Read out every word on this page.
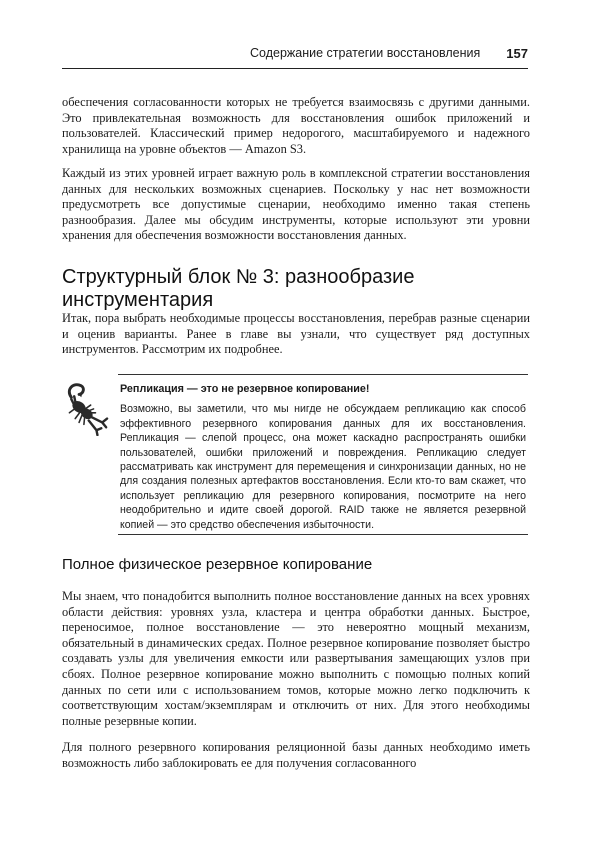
Содержание стратегии восстановления 157

обеспечения согласованности которых не требуется взаимосвязь с другими данными. Это привлекательная возможность для восстановления ошибок приложений и пользователей. Классический пример недорогого, масштабируемого и надежного хранилища на уровне объектов — Amazon S3.

Каждый из этих уровней играет важную роль в комплексной стратегии восстановления данных для нескольких возможных сценариев. Поскольку у нас нет возможности предусмотреть все допустимые сценарии, необходимо именно такая степень разнообразия. Далее мы обсудим инструменты, которые используют эти уровни хранения для обеспечения возможности восстановления данных.

Структурный блок № 3: разнообразие инструментария

Итак, пора выбрать необходимые процессы восстановления, перебрав разные сценарии и оценив варианты. Ранее в главе вы узнали, что существует ряд доступных инструментов. Рассмотрим их подробнее.

Репликация — это не резервное копирование!
Возможно, вы заметили, что мы нигде не обсуждаем репликацию как способ эффективного резервного копирования данных для их восстановления. Репликация — слепой процесс, она может каскадно распространять ошибки пользователей, ошибки приложений и повреждения. Репликацию следует рассматривать как инструмент для перемещения и синхронизации данных, но не для создания полезных артефактов восстановления. Если кто-то вам скажет, что использует репликацию для резервного копирования, посмотрите на него неодобрительно и идите своей дорогой. RAID также не является резервной копией — это средство обеспечения избыточности.
Полное физическое резервное копирование

Мы знаем, что понадобится выполнить полное восстановление данных на всех уровнях области действия: уровнях узла, кластера и центра обработки данных. Быстрое, переносимое, полное восстановление — это невероятно мощный механизм, обязательный в динамических средах. Полное резервное копирование позволяет быстро создавать узлы для увеличения емкости или развертывания замещающих узлов при сбоях. Полное резервное копирование можно выполнить с помощью полных копий данных по сети или с использованием томов, которые можно легко подключить к соответствующим хостам/экземплярам и отключить от них. Для этого необходимы полные резервные копии.

Для полного резервного копирования реляционной базы данных необходимо иметь возможность либо заблокировать ее для получения согласованного
